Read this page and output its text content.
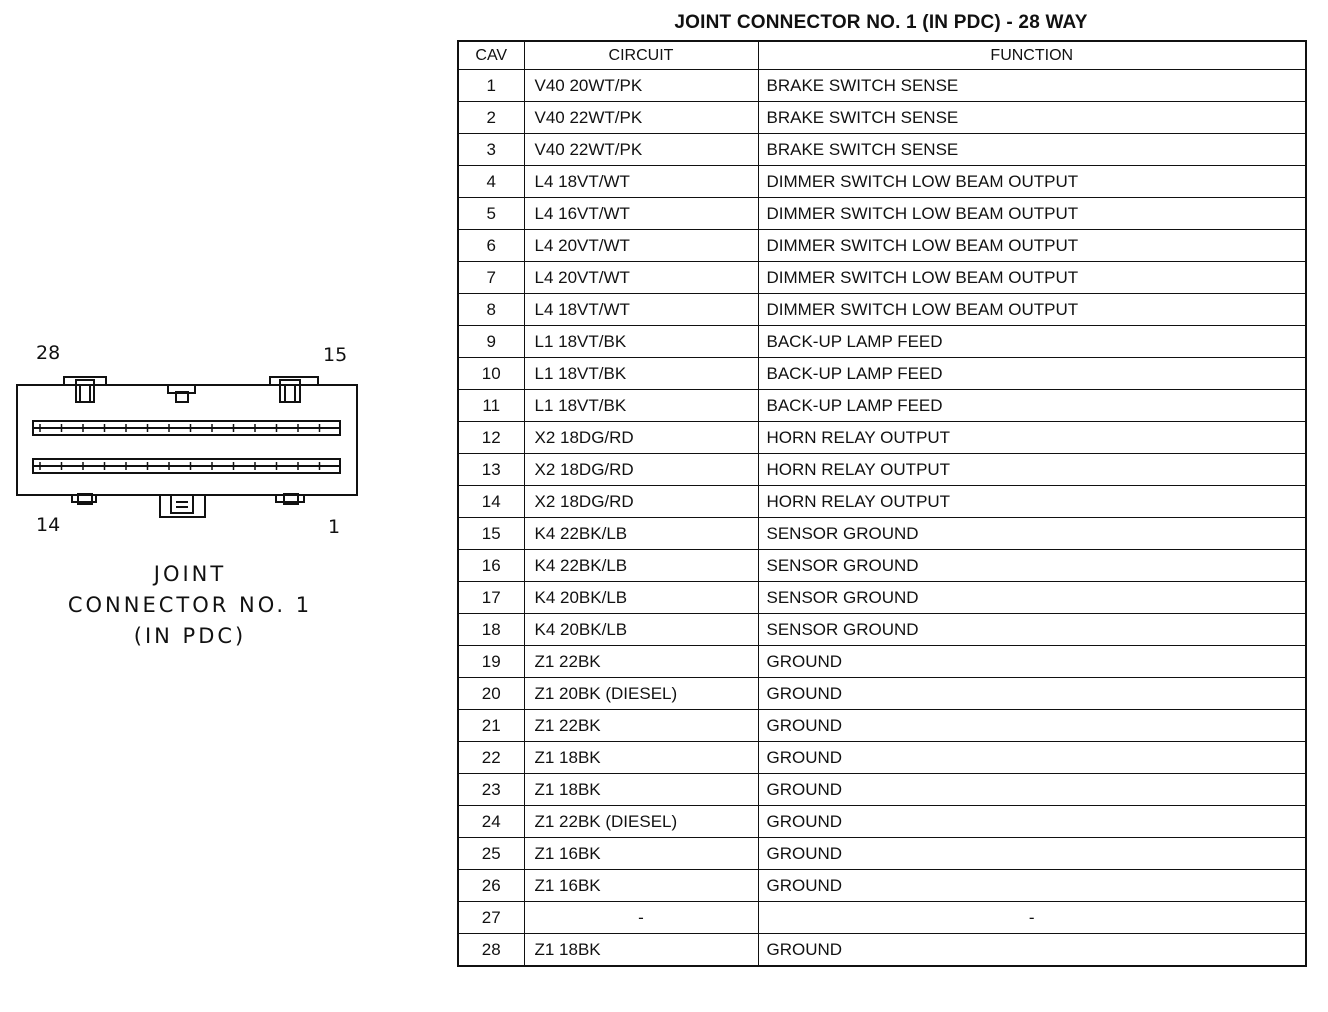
28	15
14	1
JOINT
CONNECTOR NO. 1
(IN PDC)
JOINT CONNECTOR NO. 1 (IN PDC) - 28 WAY
CAV	CIRCUIT	FUNCTION
1	V40 20WT/PK	BRAKE SWITCH SENSE
2	V40 22WT/PK	BRAKE SWITCH SENSE
3	V40 22WT/PK	BRAKE SWITCH SENSE
4	L4 18VT/WT	DIMMER SWITCH LOW BEAM OUTPUT
5	L4 16VT/WT	DIMMER SWITCH LOW BEAM OUTPUT
6	L4 20VT/WT	DIMMER SWITCH LOW BEAM OUTPUT
7	L4 20VT/WT	DIMMER SWITCH LOW BEAM OUTPUT
8	L4 18VT/WT	DIMMER SWITCH LOW BEAM OUTPUT
9	L1 18VT/BK	BACK-UP LAMP FEED
10	L1 18VT/BK	BACK-UP LAMP FEED
11	L1 18VT/BK	BACK-UP LAMP FEED
12	X2 18DG/RD	HORN RELAY OUTPUT
13	X2 18DG/RD	HORN RELAY OUTPUT
14	X2 18DG/RD	HORN RELAY OUTPUT
15	K4 22BK/LB	SENSOR GROUND
16	K4 22BK/LB	SENSOR GROUND
17	K4 20BK/LB	SENSOR GROUND
18	K4 20BK/LB	SENSOR GROUND
19	Z1 22BK	GROUND
20	Z1 20BK (DIESEL)	GROUND
21	Z1 22BK	GROUND
22	Z1 18BK	GROUND
23	Z1 18BK	GROUND
24	Z1 22BK (DIESEL)	GROUND
25	Z1 16BK	GROUND
26	Z1 16BK	GROUND
27	-	-
28	Z1 18BK	GROUND
